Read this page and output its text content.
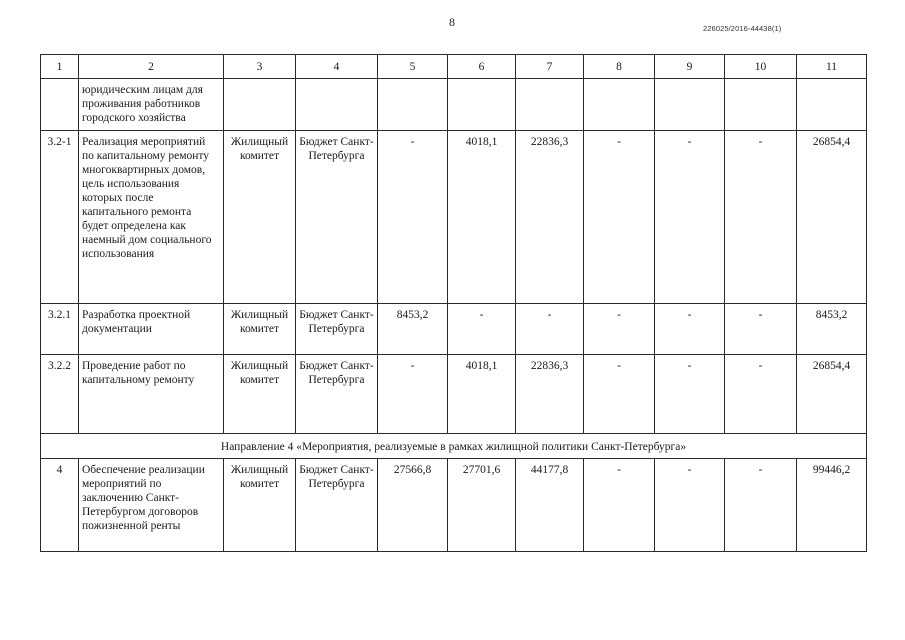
8	226025/2016-44438(1)
1	2	3	4	5	6	7	8	9	10	11
	юридическим лицам для проживания работников городского хозяйства									
3.2-1	Реализация мероприятий по капитальному ремонту многоквартирных домов, цель использования которых после капитального ремонта будет определена как наемный дом социального использования	Жилищный комитет	Бюджет Санкт-Петербурга	-	4018,1	22836,3	-	-	-	26854,4
3.2.1	Разработка проектной документации	Жилищный комитет	Бюджет Санкт-Петербурга	8453,2	-	-	-	-	-	8453,2
3.2.2	Проведение работ по капитальному ремонту	Жилищный комитет	Бюджет Санкт-Петербурга	-	4018,1	22836,3	-	-	-	26854,4
Направление 4 «Мероприятия, реализуемые в рамках жилищной политики Санкт-Петербурга»										
4	Обеспечение реализации мероприятий по заключению Санкт-Петербургом договоров пожизненной ренты	Жилищный комитет	Бюджет Санкт-Петербурга	27566,8	27701,6	44177,8	-	-	-	99446,2
